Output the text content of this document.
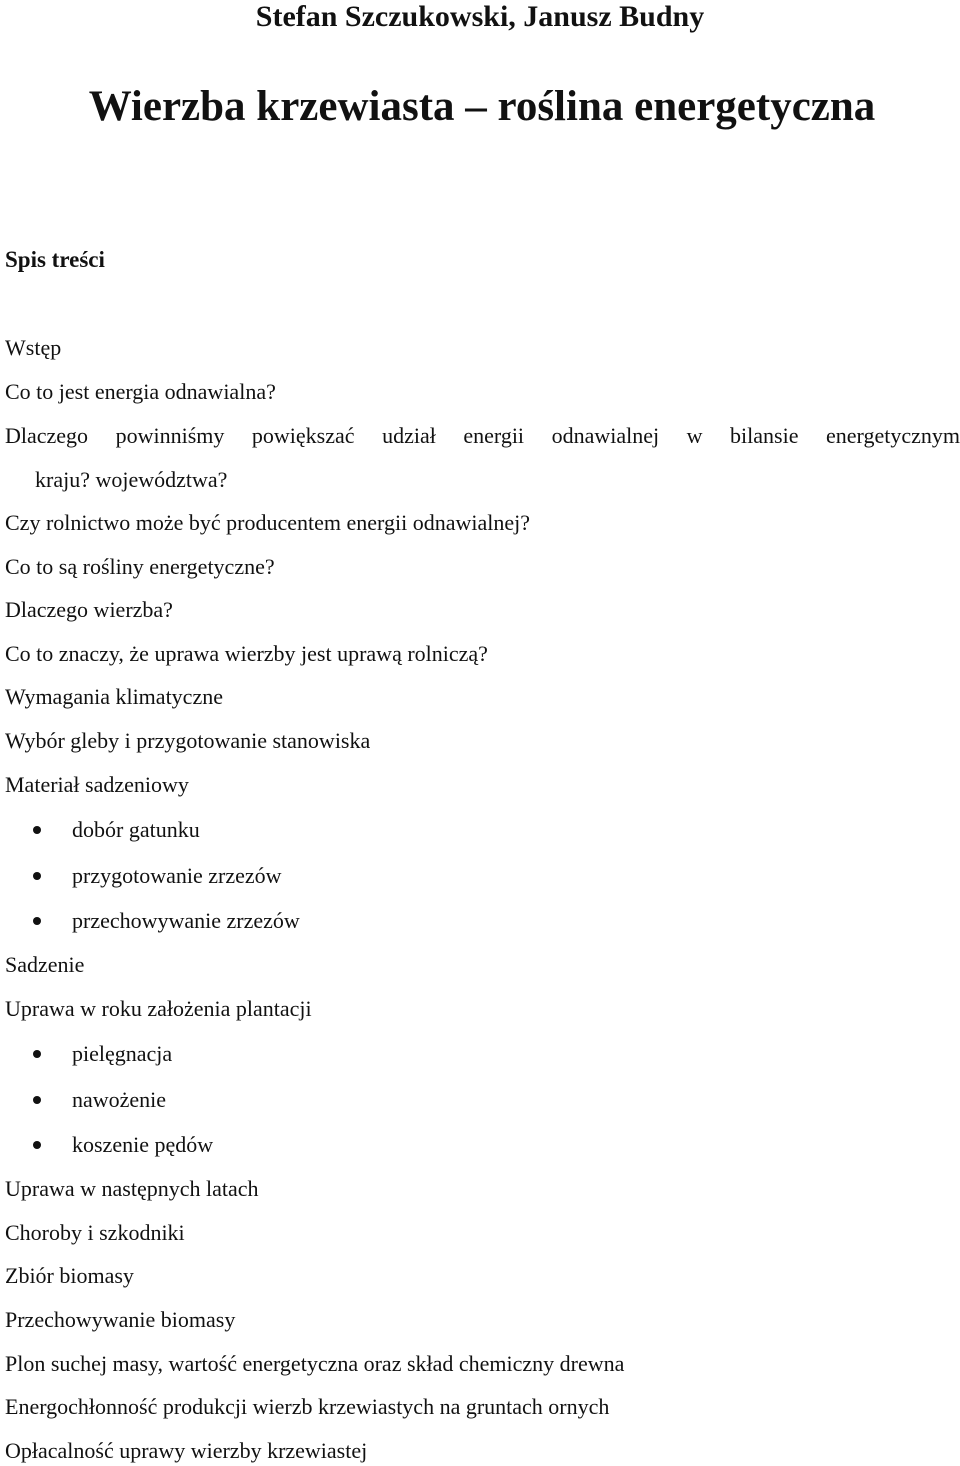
Stefan Szczukowski, Janusz Budny
Wierzba krzewiasta – roślina energetyczna
Spis treści
Wstęp
Co to jest energia odnawialna?
Dlaczego powinniśmy powiększać udział energii odnawialnej w bilansie energetycznym
kraju? województwa?
Czy rolnictwo może być producentem energii odnawialnej?
Co to są rośliny energetyczne?
Dlaczego wierzba?
Co to znaczy, że uprawa wierzby jest uprawą rolniczą?
Wymagania klimatyczne
Wybór gleby i przygotowanie stanowiska
Materiał sadzeniowy
dobór gatunku
przygotowanie zrzezów
przechowywanie zrzezów
Sadzenie
Uprawa w roku założenia plantacji
pielęgnacja
nawożenie
koszenie pędów
Uprawa w następnych latach
Choroby i szkodniki
Zbiór biomasy
Przechowywanie biomasy
Plon suchej masy, wartość energetyczna oraz skład chemiczny drewna
Energochłonność produkcji wierzb krzewiastych na gruntach ornych
Opłacalność uprawy wierzby krzewiastej
